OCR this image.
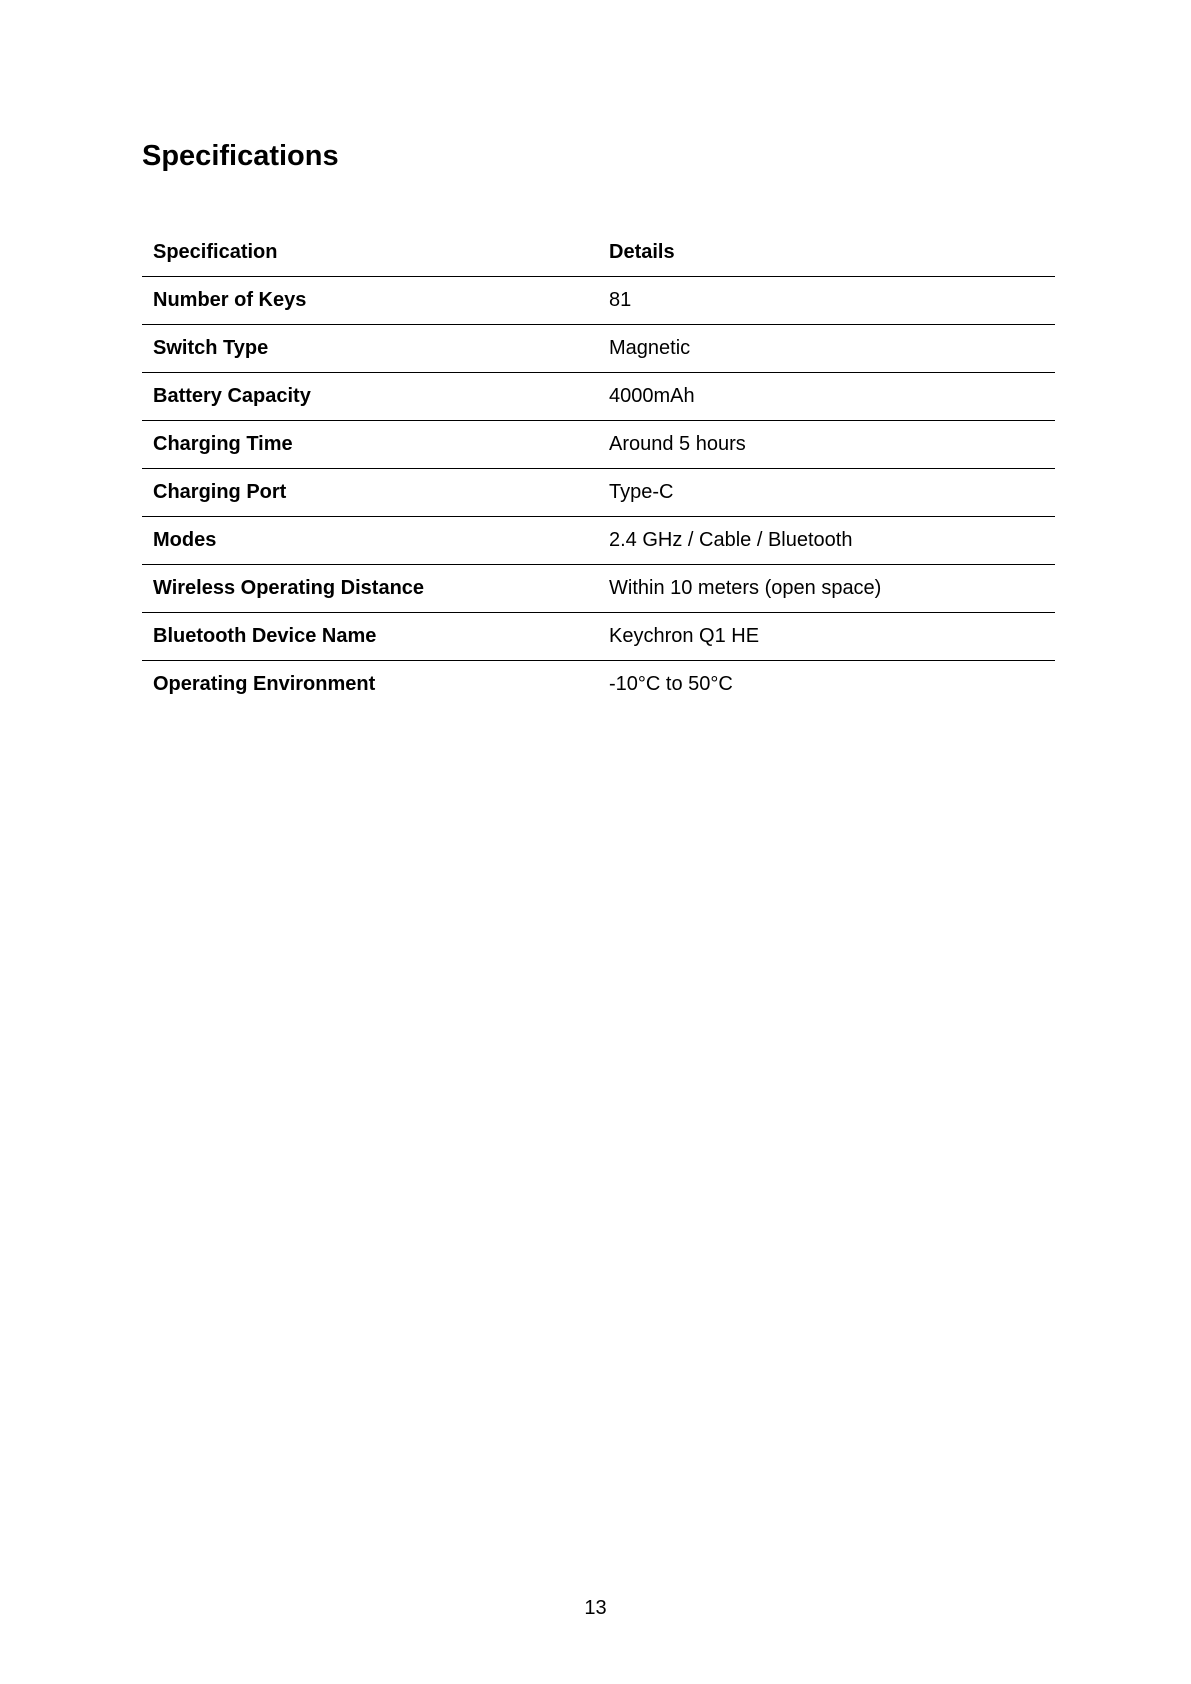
Specifications
Specification	Details
Number of Keys	81
Switch Type	Magnetic
Battery Capacity	4000mAh
Charging Time	Around 5 hours
Charging Port	Type-C
Modes	2.4 GHz / Cable / Bluetooth
Wireless Operating Distance	Within 10 meters (open space)
Bluetooth Device Name	Keychron Q1 HE
Operating Environment	-10°C to 50°C
13
